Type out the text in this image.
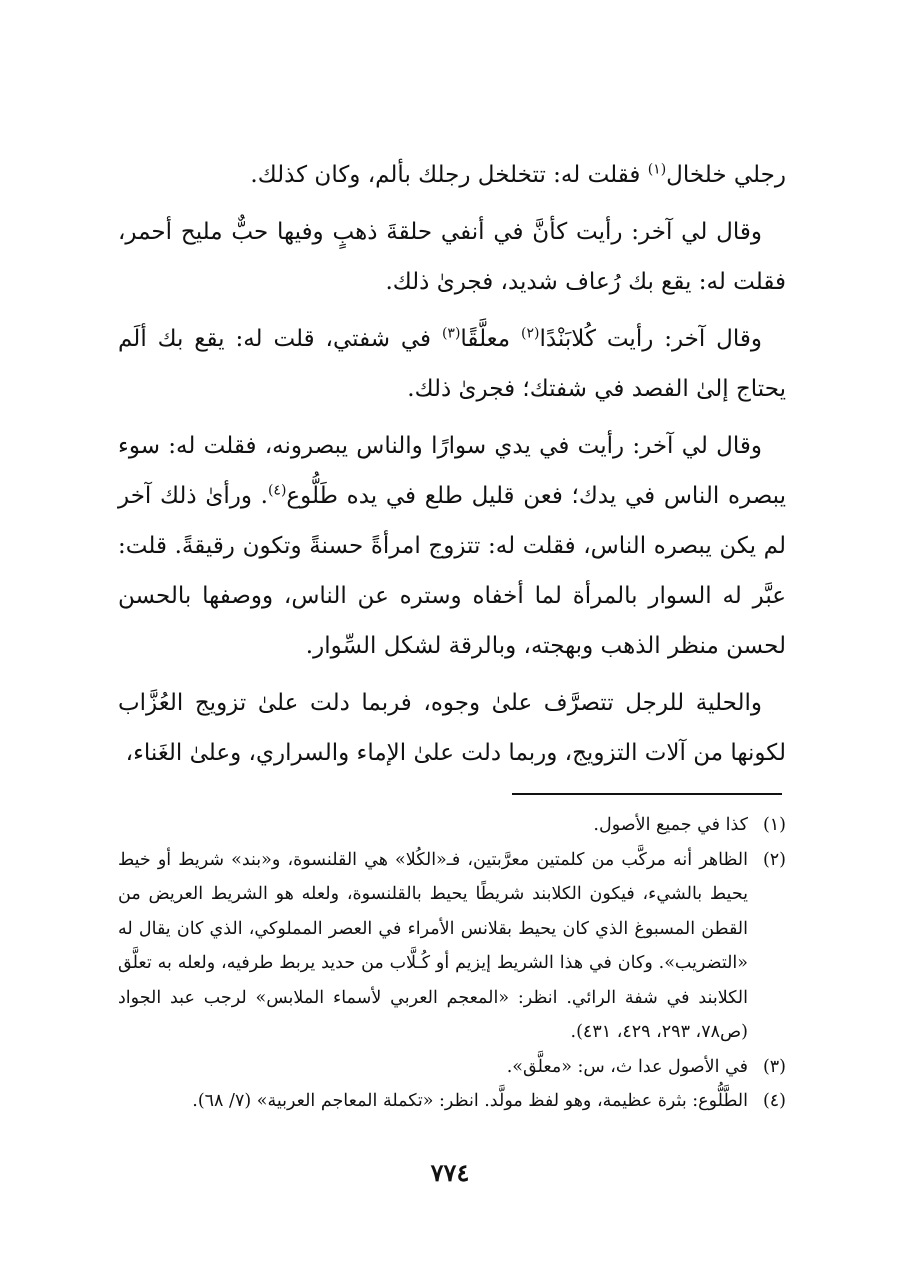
رجلي خلخال$^{(١)}$ فقلت له: تتخلخل رجلك بألم، وكان كذلك.

وقال لي آخر: رأيت كأنَّ في أنفي حلقةَ ذهبٍ وفيها حبٌّ مليح أحمر، فقلت له: يقع بك رُعاف شديد، فجرىٰ ذلك.

وقال آخر: رأيت كُلابَنْدًا$^{(٢)}$ معلَّقًا$^{(٣)}$ في شفتي، قلت له: يقع بك ألَم يحتاج إلىٰ الفصد في شفتك؛ فجرىٰ ذلك.

وقال لي آخر: رأيت في يدي سوارًا والناس يبصرونه، فقلت له: سوء يبصره الناس في يدك؛ فعن قليل طلع في يده طَلُّوع$^{(٤)}$. ورأىٰ ذلك آخر لم يكن يبصره الناس، فقلت له: تتزوج امرأةً حسنةً وتكون رقيقةً. قلت: عبَّر له السوار بالمرأة لما أخفاه وستره عن الناس، ووصفها بالحسن لحسن منظر الذهب وبهجته، وبالرقة لشكل السِّوار.

والحلية للرجل تتصرَّف علىٰ وجوه، فربما دلت علىٰ تزويج العُزَّاب لكونها من آلات التزويج، وربما دلت علىٰ الإماء والسراري، وعلىٰ الغَناء،

(١)
كذا في جميع الأصول.
(٢)
الظاهر أنه مركَّب من كلمتين معرَّبتين، فـ«الكُلا» هي القلنسوة، و«بند» شريط أو خيط يحيط بالشيء، فيكون الكلابند شريطًا يحيط بالقلنسوة، ولعله هو الشريط العريض من القطن المسبوغ الذي كان يحيط بقلانس الأمراء في العصر المملوكي، الذي كان يقال له «التضريب». وكان في هذا الشريط إيزيم أو كُـلَّاب من حديد يربط طرفيه، ولعله به تعلَّق الكلابند في شفة الرائي. انظر: «المعجم العربي لأسماء الملابس» لرجب عبد الجواد (ص٧٨، ٢٩٣، ٤٢٩، ٤٣١).
(٣)
في الأصول عدا ث، س: «معلَّق».
(٤)
الطَّلُّوع: بثرة عظيمة، وهو لفظ مولَّد. انظر: «تكملة المعاجم العربية» (٧/ ٦٨).
٧٧٤
